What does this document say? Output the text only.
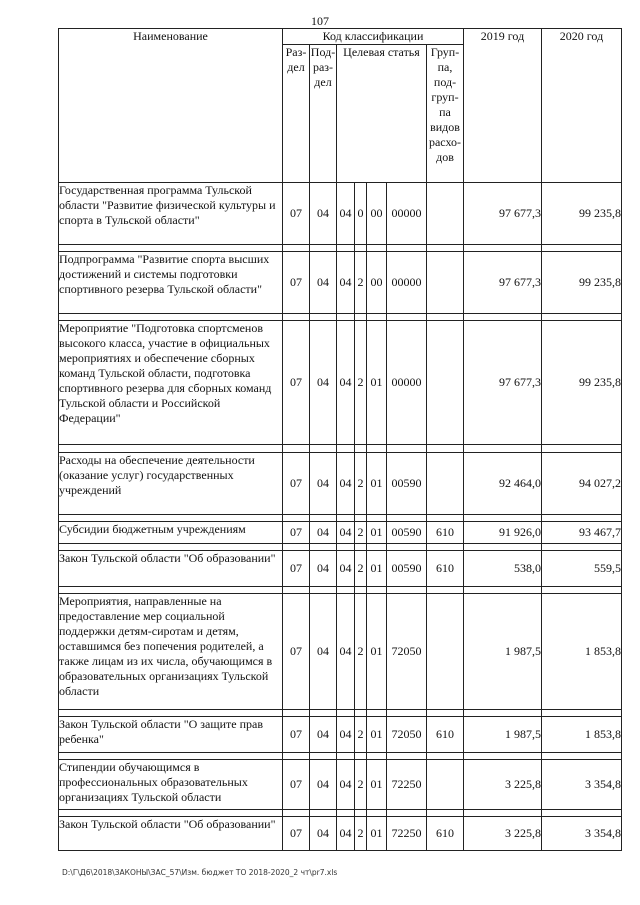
107
Наименование	Код классификации							2019 год	2020 год
	Раз-дел	Под-раз-дел	Целевая статья				Груп-па, под-груп-па видов расхо-дов		
Государственная программа Тульской области "Развитие физической культуры и спорта в Тульской области"	07	04	04	0	00	00000		97 677,3	99 235,8

Подпрограмма "Развитие спорта высших достижений и системы подготовки спортивного резерва Тульской области"	07	04	04	2	00	00000		97 677,3	99 235,8

Мероприятие "Подготовка спортсменов высокого класса, участие в официальных мероприятиях и обеспечение сборных команд Тульской области, подготовка спортивного резерва для сборных команд Тульской области и Российской Федерации"	07	04	04	2	01	00000		97 677,3	99 235,8

Расходы на обеспечение деятельности (оказание услуг) государственных учреждений	07	04	04	2	01	00590		92 464,0	94 027,2

Субсидии бюджетным учреждениям	07	04	04	2	01	00590	610	91 926,0	93 467,7

Закон Тульской области "Об образовании"	07	04	04	2	01	00590	610	538,0	559,5

Мероприятия, направленные на предоставление мер социальной поддержки детям-сиротам и детям, оставшимся без попечения родителей, а также лицам из их числа, обучающимся в образовательных организациях Тульской области	07	04	04	2	01	72050		1 987,5	1 853,8

Закон Тульской области "О защите прав ребенка"	07	04	04	2	01	72050	610	1 987,5	1 853,8

Стипендии обучающимся в профессиональных образовательных организациях Тульской области	07	04	04	2	01	72250		3 225,8	3 354,8

Закон Тульской области "Об образовании"	07	04	04	2	01	72250	610	3 225,8	3 354,8
D:\Г\Д6\2018\ЗАКОНЫ\ЗАС_57\Изм. бюджет ТО 2018-2020_2 чт\pr7.xls
